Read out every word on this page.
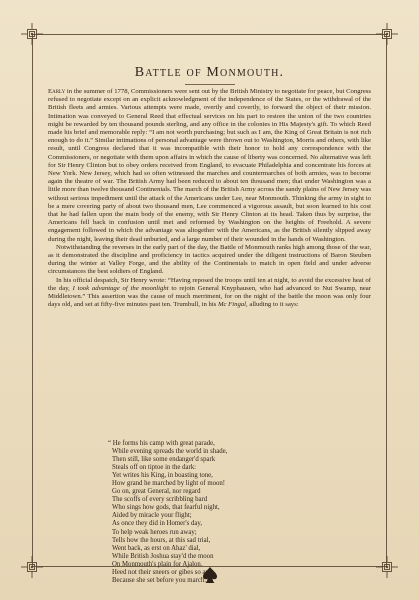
Battle of Monmouth.

Early in the summer of 1778, Commissioners were sent out by the British Ministry to negotiate for peace, but Congress refused to negotiate except on an explicit acknowledgment of the independence of the States, or the withdrawal of the British fleets and armies. Various attempts were made, overtly and covertly, to forward the object of their mission. Intimation was conveyed to General Reed that effectual services on his part to restore the union of the two countries might be rewarded by ten thousand pounds sterling, and any office in the colonies in His Majesty's gift. To which Reed made his brief and memorable reply: “I am not worth purchasing; but such as I am, the King of Great Britain is not rich enough to do it.” Similar intimations of personal advantage were thrown out to Washington, Morris and others, with like result, until Congress declared that it was incompatible with their honor to hold any correspondence with the Commissioners, or negotiate with them upon affairs in which the cause of liberty was concerned. No alternative was left for Sir Henry Clinton but to obey orders received from England, to evacuate Philadelphia and concentrate his forces at New York. New Jersey, which had so often witnessed the marches and countermarches of both armies, was to become again the theatre of war. The British Army had been reduced to about ten thousand men; that under Washington was a little more than twelve thousand Continentals. The march of the British Army across the sandy plains of New Jersey was without serious impediment until the attack of the Americans under Lee, near Monmouth. Thinking the army in sight to be a mere covering party of about two thousand men, Lee commenced a vigorous assault, but soon learned to his cost that he had fallen upon the main body of the enemy, with Sir Henry Clinton at its head. Taken thus by surprise, the Americans fell back in confusion until met and reformed by Washington on the heights of Freehold. A severe engagement followed in which the advantage was altogether with the Americans, as the British silently slipped away during the night, leaving their dead unburied, and a large number of their wounded in the hands of Washington.

Notwithstanding the reverses in the early part of the day, the Battle of Monmouth ranks high among those of the war, as it demonstrated the discipline and proficiency in tactics acquired under the diligent instructions of Baron Steuben during the winter at Valley Forge, and the ability of the Continentals to match in open field and under adverse circumstances the best soldiers of England.

In his official despatch, Sir Henry wrote: “Having reposed the troops until ten at night, to avoid the excessive heat of the day, I took advantage of the moonlight to rejoin General Knyphausen, who had advanced to Nut Swamp, near Middletown.” This assertion was the cause of much merriment, for on the night of the battle the moon was only four days old, and set at fifty-five minutes past ten. Trumbull, in his Mc Fingal, alluding to it says:

“ He forms his camp with great parade,
While evening spreads the world in shade,
Then still, like some endanger'd spark
Steals off on tiptoe in the dark:
Yet writes his King, in boasting tone,
How grand he marched by light of moon!
Go on, great General, nor regard
The scoffs of every scribbling bard
Who sings how gods, that fearful night,
Aided by miracle your flight;
As once they did in Homer's day,
To help weak heroes run away;
Tells how the hours, at this sad trial,
Went back, as erst on Ahaz' dial,
While British Joshua stay'd the moon
On Monmouth's plain for Ajalon.
Heed not their sneers or gibes so arch,
Because she set before you march.”
